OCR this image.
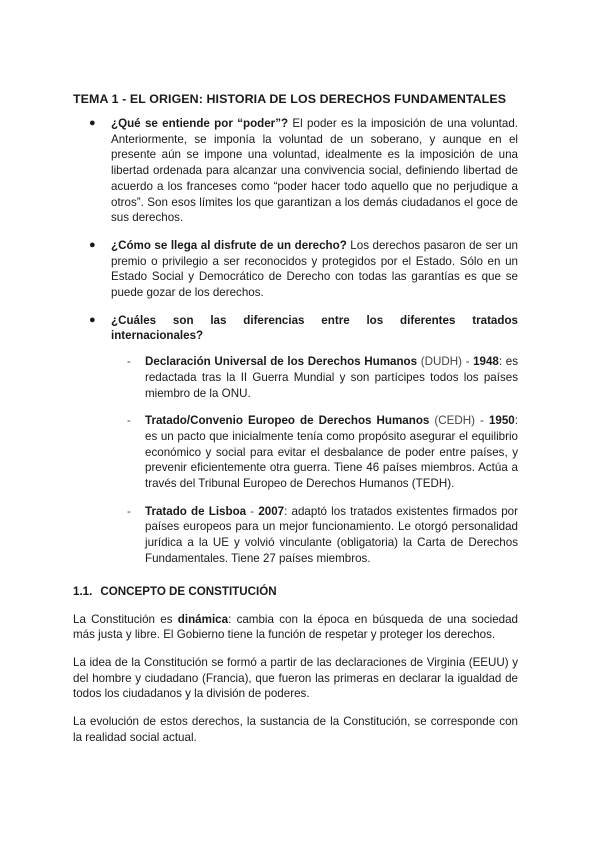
TEMA 1 - EL ORIGEN: HISTORIA DE LOS DERECHOS FUNDAMENTALES
● ¿Qué se entiende por “poder”? El poder es la imposición de una voluntad. Anteriormente, se imponía la voluntad de un soberano, y aunque en el presente aún se impone una voluntad, idealmente es la imposición de una libertad ordenada para alcanzar una convivencia social, definiendo libertad de acuerdo a los franceses como “poder hacer todo aquello que no perjudique a otros”. Son esos límites los que garantizan a los demás ciudadanos el goce de sus derechos.
● ¿Cómo se llega al disfrute de un derecho? Los derechos pasaron de ser un premio o privilegio a ser reconocidos y protegidos por el Estado. Sólo en un Estado Social y Democrático de Derecho con todas las garantías es que se puede gozar de los derechos.
● ¿Cuáles son las diferencias entre los diferentes tratados internacionales?
- Declaración Universal de los Derechos Humanos (DUDH) - 1948: es redactada tras la II Guerra Mundial y son partícipes todos los países miembro de la ONU.
- Tratado/Convenio Europeo de Derechos Humanos (CEDH) - 1950: es un pacto que inicialmente tenía como propósito asegurar el equilibrio económico y social para evitar el desbalance de poder entre países, y prevenir eficientemente otra guerra. Tiene 46 países miembros. Actúa a través del Tribunal Europeo de Derechos Humanos (TEDH).
- Tratado de Lisboa - 2007: adaptó los tratados existentes firmados por países europeos para un mejor funcionamiento. Le otorgó personalidad jurídica a la UE y volvió vinculante (obligatoria) la Carta de Derechos Fundamentales. Tiene 27 países miembros.
1.1. CONCEPTO DE CONSTITUCIÓN

La Constitución es dinámica: cambia con la época en búsqueda de una sociedad más justa y libre. El Gobierno tiene la función de respetar y proteger los derechos.

La idea de la Constitución se formó a partir de las declaraciones de Virginia (EEUU) y del hombre y ciudadano (Francia), que fueron las primeras en declarar la igualdad de todos los ciudadanos y la división de poderes.

La evolución de estos derechos, la sustancia de la Constitución, se corresponde con la realidad social actual.
